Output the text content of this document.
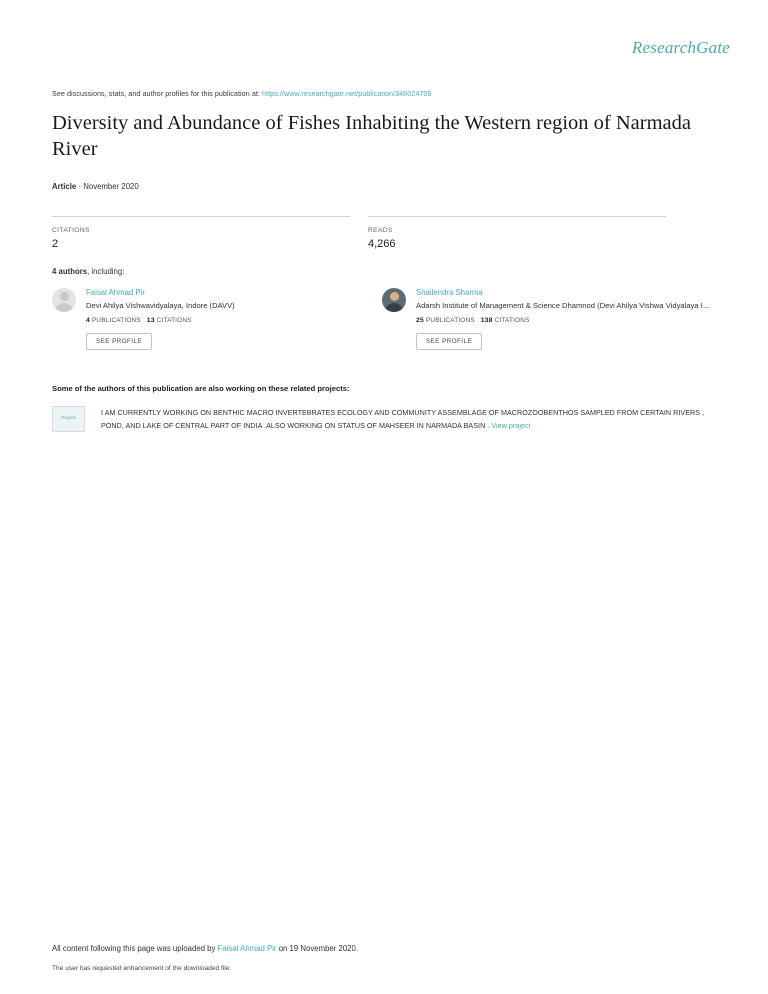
ResearchGate
See discussions, stats, and author profiles for this publication at: https://www.researchgate.net/publication/346024709
Diversity and Abundance of Fishes Inhabiting the Western region of Narmada River
Article · November 2020
CITATIONS
2
READS
4,266
4 authors, including:
Faisal Ahmad Pir
Devi Ahilya Vishwavidyalaya, Indore (DAVV)
4 PUBLICATIONS 13 CITATIONS
SEE PROFILE
Shailendra Sharma
Adarsh Institute of Management & Science Dhamnod (Devi Ahilya Vishwa Vidyalaya I…
25 PUBLICATIONS 138 CITATIONS
SEE PROFILE
Some of the authors of this publication are also working on these related projects:
Project
I AM CURRENTLY WORKING ON BENTHIC MACRO INVERTEBRATES ECOLOGY AND COMMUNITY ASSEMBLAGE OF MACROZOOBENTHOS SAMPLED FROM CERTAIN RIVERS , POND, AND LAKE OF CENTRAL PART OF INDIA .ALSO WORKING ON STATUS OF MAHSEER IN NARMADA BASIN . View project
All content following this page was uploaded by Faisal Ahmad Pir on 19 November 2020.
The user has requested enhancement of the downloaded file.
